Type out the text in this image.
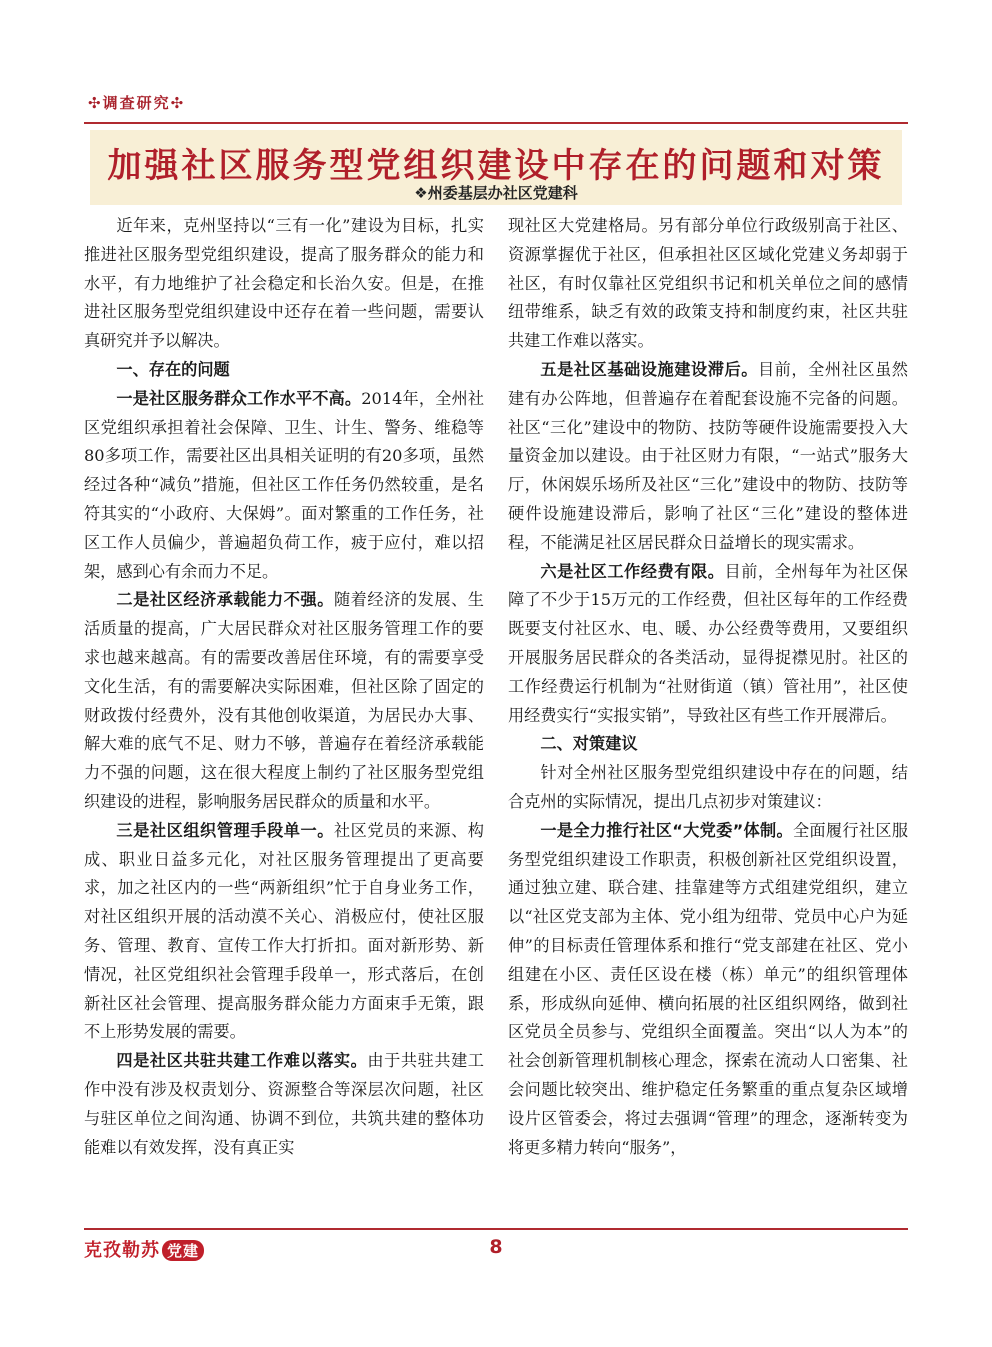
✣调查研究✣
加强社区服务型党组织建设中存在的问题和对策
❖州委基层办社区党建科

近年来，克州坚持以“三有一化”建设为目标，扎实推进社区服务型党组织建设，提高了服务群众的能力和水平，有力地维护了社会稳定和长治久安。但是，在推进社区服务型党组织建设中还存在着一些问题，需要认真研究并予以解决。

一、存在的问题

一是社区服务群众工作水平不高。2014年，全州社区党组织承担着社会保障、卫生、计生、警务、维稳等80多项工作，需要社区出具相关证明的有20多项，虽然经过各种“减负”措施，但社区工作任务仍然较重，是名符其实的“小政府、大保姆”。面对繁重的工作任务，社区工作人员偏少，普遍超负荷工作，疲于应付，难以招架，感到心有余而力不足。

二是社区经济承载能力不强。随着经济的发展、生活质量的提高，广大居民群众对社区服务管理工作的要求也越来越高。有的需要改善居住环境，有的需要享受文化生活，有的需要解决实际困难，但社区除了固定的财政拨付经费外，没有其他创收渠道，为居民办大事、解大难的底气不足、财力不够，普遍存在着经济承载能力不强的问题，这在很大程度上制约了社区服务型党组织建设的进程，影响服务居民群众的质量和水平。

三是社区组织管理手段单一。社区党员的来源、构成、职业日益多元化，对社区服务管理提出了更高要求，加之社区内的一些“两新组织”忙于自身业务工作，对社区组织开展的活动漠不关心、消极应付，使社区服务、管理、教育、宣传工作大打折扣。面对新形势、新情况，社区党组织社会管理手段单一，形式落后，在创新社区社会管理、提高服务群众能力方面束手无策，跟不上形势发展的需要。

四是社区共驻共建工作难以落实。由于共驻共建工作中没有涉及权责划分、资源整合等深层次问题，社区与驻区单位之间沟通、协调不到位，共筑共建的整体功能难以有效发挥，没有真正实

现社区大党建格局。另有部分单位行政级别高于社区、资源掌握优于社区，但承担社区区域化党建义务却弱于社区，有时仅靠社区党组织书记和机关单位之间的感情纽带维系，缺乏有效的政策支持和制度约束，社区共驻共建工作难以落实。

五是社区基础设施建设滞后。目前，全州社区虽然建有办公阵地，但普遍存在着配套设施不完备的问题。社区“三化”建设中的物防、技防等硬件设施需要投入大量资金加以建设。由于社区财力有限，“一站式”服务大厅，休闲娱乐场所及社区“三化”建设中的物防、技防等硬件设施建设滞后，影响了社区“三化”建设的整体进程，不能满足社区居民群众日益增长的现实需求。

六是社区工作经费有限。目前，全州每年为社区保障了不少于15万元的工作经费，但社区每年的工作经费既要支付社区水、电、暖、办公经费等费用，又要组织开展服务居民群众的各类活动，显得捉襟见肘。社区的工作经费运行机制为“社财街道（镇）管社用”，社区使用经费实行“实报实销”，导致社区有些工作开展滞后。

二、对策建议

针对全州社区服务型党组织建设中存在的问题，结合克州的实际情况，提出几点初步对策建议：

一是全力推行社区“大党委”体制。全面履行社区服务型党组织建设工作职责，积极创新社区党组织设置，通过独立建、联合建、挂靠建等方式组建党组织，建立以“社区党支部为主体、党小组为纽带、党员中心户为延伸”的目标责任管理体系和推行“党支部建在社区、党小组建在小区、责任区设在楼（栋）单元”的组织管理体系，形成纵向延伸、横向拓展的社区组织网络，做到社区党员全员参与、党组织全面覆盖。突出“以人为本”的社会创新管理机制核心理念，探索在流动人口密集、社会问题比较突出、维护稳定任务繁重的重点复杂区域增设片区管委会，将过去强调“管理”的理念，逐渐转变为将更多精力转向“服务”，

克孜勒苏 党建	8
